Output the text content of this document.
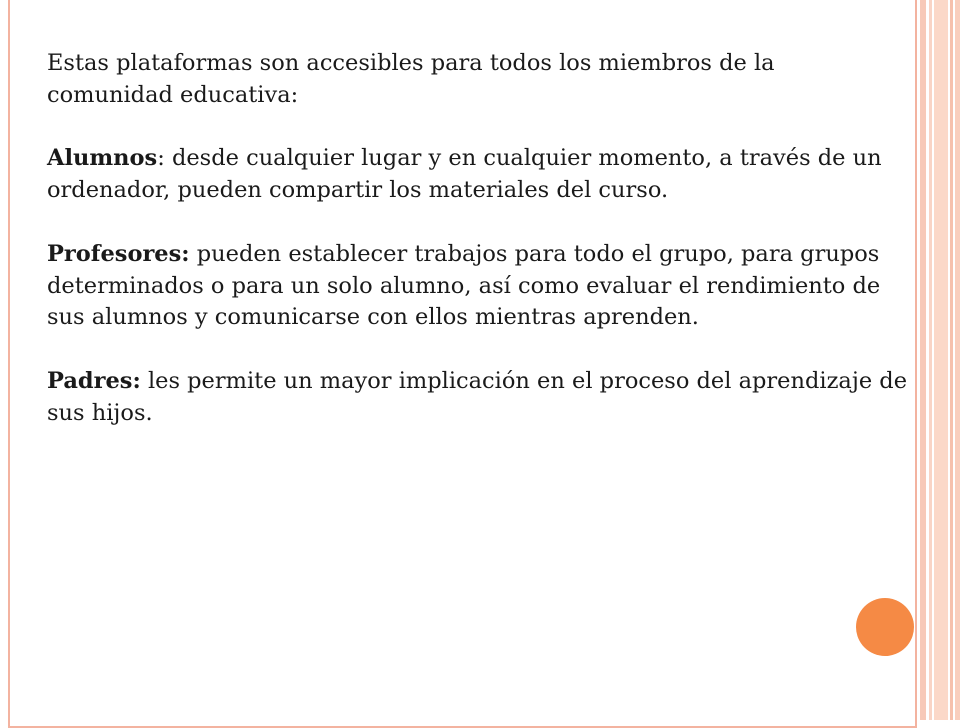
Estas plataformas son accesibles para todos los miembros de la comunidad educativa:

Alumnos: desde cualquier lugar y en cualquier momento, a través de un ordenador, pueden compartir los materiales del curso.

Profesores: pueden establecer trabajos para todo el grupo, para grupos determinados o para un solo alumno, así como evaluar el rendimiento de sus alumnos y comunicarse con ellos mientras aprenden.

Padres: les permite un mayor implicación en el proceso del aprendizaje de sus hijos.
